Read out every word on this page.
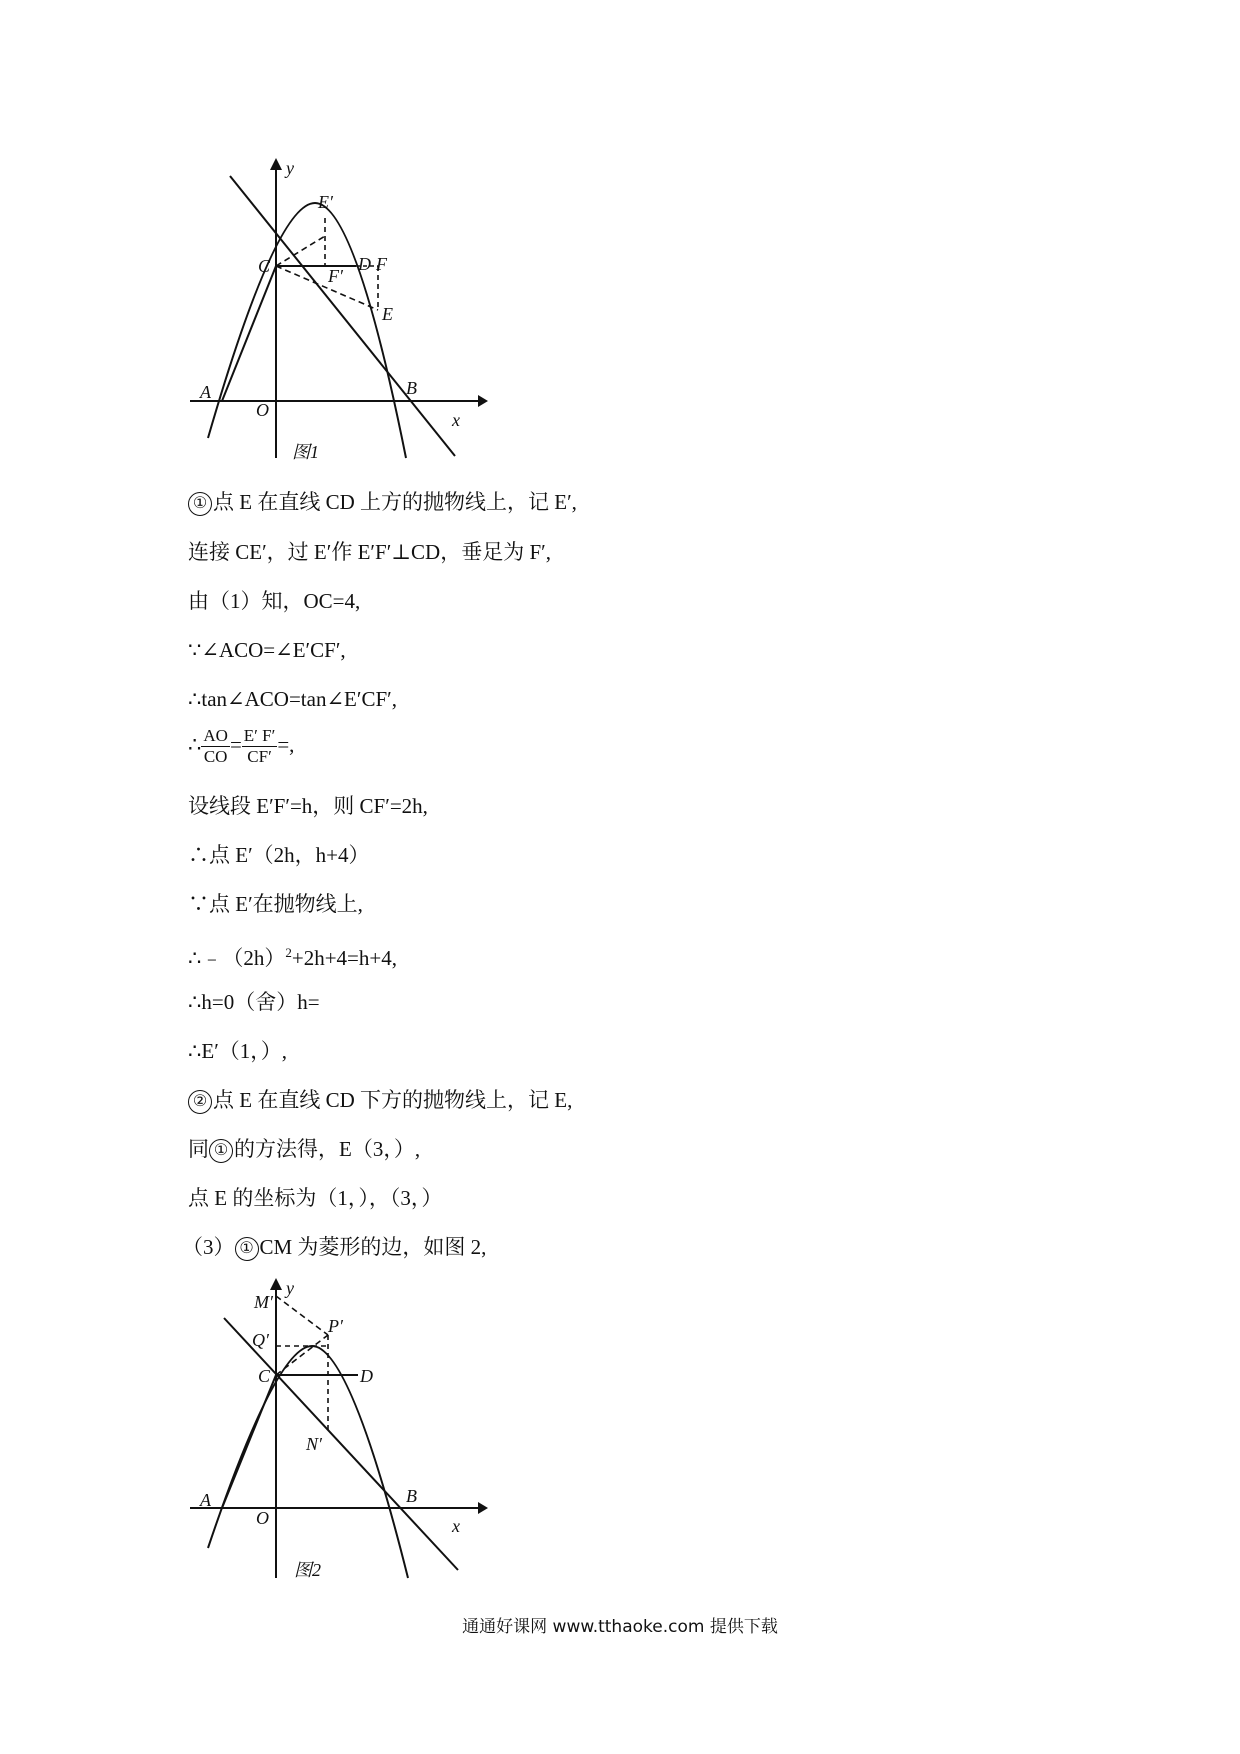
y
x
E′
C	D F
F′
E
A
O
B
图1
① 点 E 在直线 CD 上方的抛物线上，记 E′,
连接 CE′，过 E′作 E′F′⊥CD，垂足为 F′,
由（1）知，OC=4,
∵∠ACO=∠E′CF′,
∴tan∠ACO=tan∠E′CF′,
∴ $\frac{AO}{CO} = \frac{E' F'}{CF'}$ =,
设线段 E′F′=h，则 CF′=2h,
∴点 E′（2h，h+4）
∵点 E′在抛物线上,
$\therefore﹣(2h)^2+2h+4=h+4$,
∴h=0（舍）h=
∴E′（1，）,
② 点 E 在直线 CD 下方的抛物线上，记 E,
同 ① 的方法得，E（3，）,
点 E 的坐标为（1，），（3，）
（3） ① CM 为菱形的边，如图 2,
y
x
M′
P′
Q′
C	D
N′
A
O
B
图2
通通好课网 www.tthaoke.com 提供下载
